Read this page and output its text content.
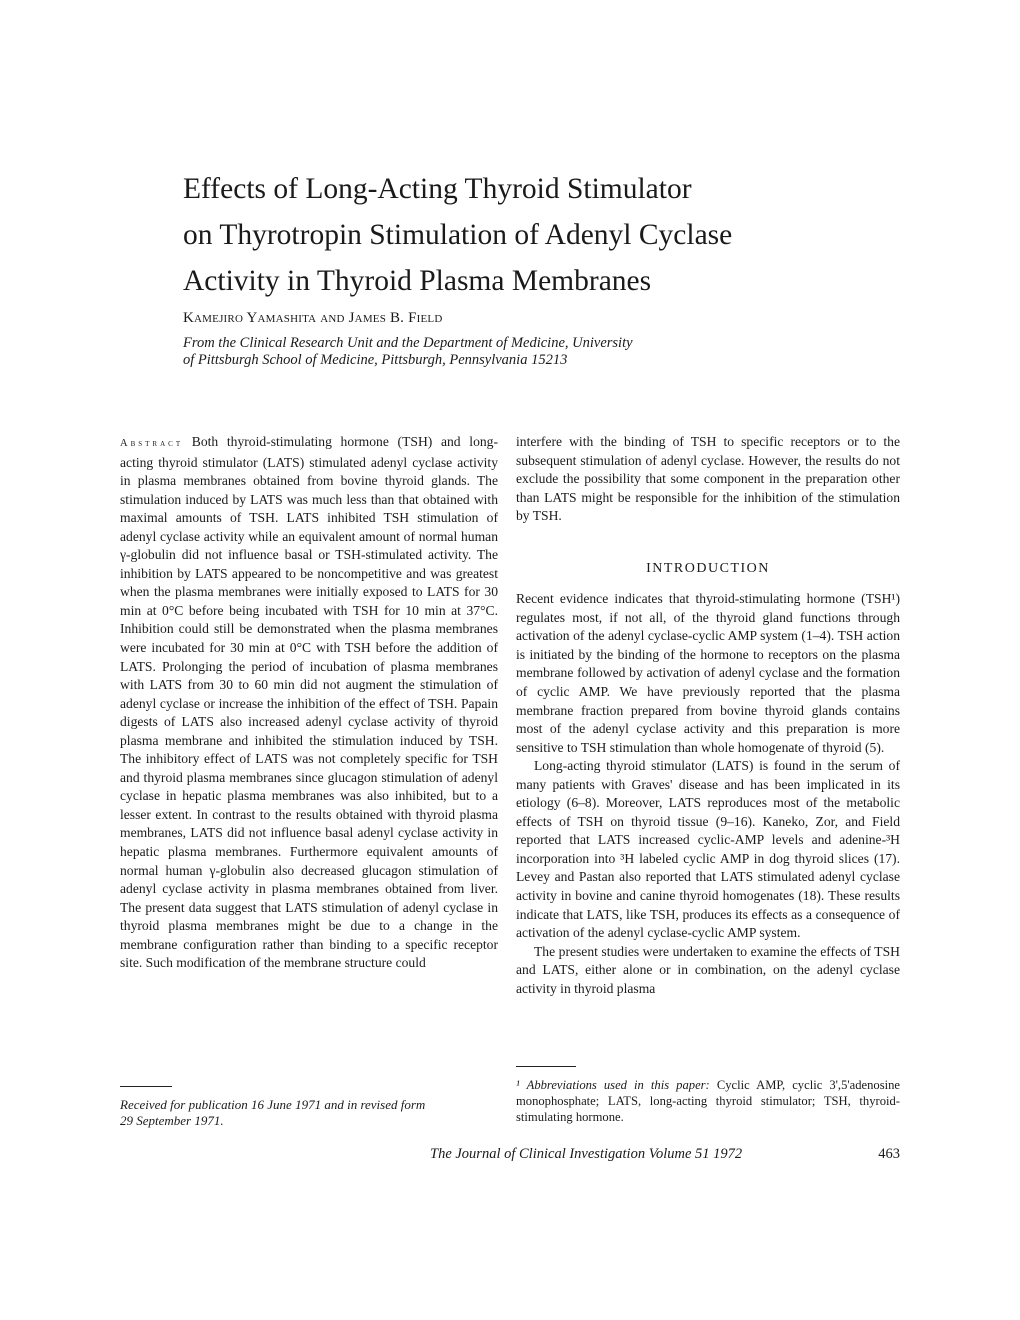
Effects of Long-Acting Thyroid Stimulator
on Thyrotropin Stimulation of Adenyl Cyclase
Activity in Thyroid Plasma Membranes
Kamejiro Yamashita and James B. Field
From the Clinical Research Unit and the Department of Medicine, University
of Pittsburgh School of Medicine, Pittsburgh, Pennsylvania 15213

Abstract Both thyroid-stimulating hormone (TSH) and long-acting thyroid stimulator (LATS) stimulated adenyl cyclase activity in plasma membranes obtained from bovine thyroid glands. The stimulation induced by LATS was much less than that obtained with maximal amounts of TSH. LATS inhibited TSH stimulation of adenyl cyclase activity while an equivalent amount of normal human γ-globulin did not influence basal or TSH-stimulated activity. The inhibition by LATS appeared to be noncompetitive and was greatest when the plasma membranes were initially exposed to LATS for 30 min at 0°C before being incubated with TSH for 10 min at 37°C. Inhibition could still be demonstrated when the plasma membranes were incubated for 30 min at 0°C with TSH before the addition of LATS. Prolonging the period of incubation of plasma membranes with LATS from 30 to 60 min did not augment the stimulation of adenyl cyclase or increase the inhibition of the effect of TSH. Papain digests of LATS also increased adenyl cyclase activity of thyroid plasma membrane and inhibited the stimulation induced by TSH. The inhibitory effect of LATS was not completely specific for TSH and thyroid plasma membranes since glucagon stimulation of adenyl cyclase in hepatic plasma membranes was also inhibited, but to a lesser extent. In contrast to the results obtained with thyroid plasma membranes, LATS did not influence basal adenyl cyclase activity in hepatic plasma membranes. Furthermore equivalent amounts of normal human γ-globulin also decreased glucagon stimulation of adenyl cyclase activity in plasma membranes obtained from liver. The present data suggest that LATS stimulation of adenyl cyclase in thyroid plasma membranes might be due to a change in the membrane configuration rather than binding to a specific receptor site. Such modification of the membrane structure could

interfere with the binding of TSH to specific receptors or to the subsequent stimulation of adenyl cyclase. However, the results do not exclude the possibility that some component in the preparation other than LATS might be responsible for the inhibition of the stimulation by TSH.

INTRODUCTION

Recent evidence indicates that thyroid-stimulating hormone (TSH¹) regulates most, if not all, of the thyroid gland functions through activation of the adenyl cyclase-cyclic AMP system (1–4). TSH action is initiated by the binding of the hormone to receptors on the plasma membrane followed by activation of adenyl cyclase and the formation of cyclic AMP. We have previously reported that the plasma membrane fraction prepared from bovine thyroid glands contains most of the adenyl cyclase activity and this preparation is more sensitive to TSH stimulation than whole homogenate of thyroid (5).

Long-acting thyroid stimulator (LATS) is found in the serum of many patients with Graves' disease and has been implicated in its etiology (6–8). Moreover, LATS reproduces most of the metabolic effects of TSH on thyroid tissue (9–16). Kaneko, Zor, and Field reported that LATS increased cyclic-AMP levels and adenine-³H incorporation into ³H labeled cyclic AMP in dog thyroid slices (17). Levey and Pastan also reported that LATS stimulated adenyl cyclase activity in bovine and canine thyroid homogenates (18). These results indicate that LATS, like TSH, produces its effects as a consequence of activation of the adenyl cyclase-cyclic AMP system.

The present studies were undertaken to examine the effects of TSH and LATS, either alone or in combination, on the adenyl cyclase activity in thyroid plasma

Received for publication 16 June 1971 and in revised form
29 September 1971.
¹ Abbreviations used in this paper: Cyclic AMP, cyclic 3',5'adenosine monophosphate; LATS, long-acting thyroid stimulator; TSH, thyroid-stimulating hormone.
The Journal of Clinical Investigation Volume 51 1972	463
